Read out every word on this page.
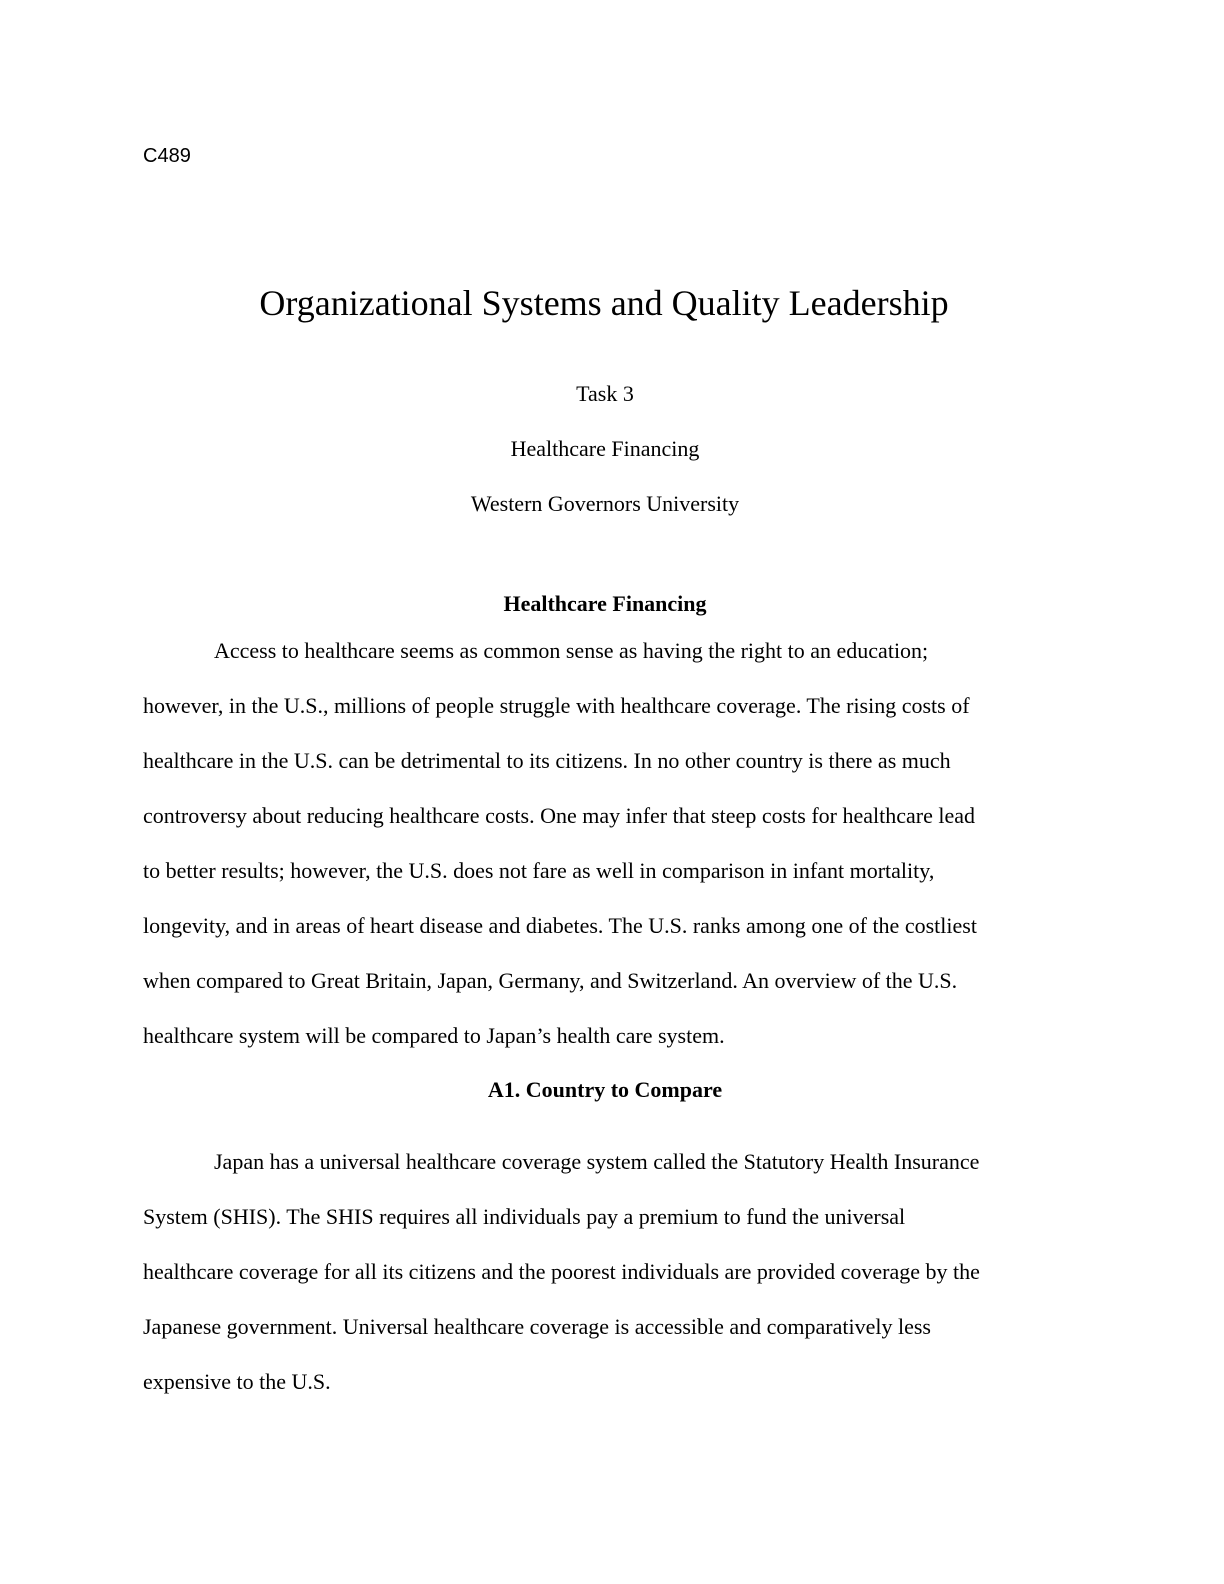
C489
Organizational Systems and Quality Leadership
Task 3
Healthcare Financing
Western Governors University
Healthcare Financing
Access to healthcare seems as common sense as having the right to an education;
however, in the U.S., millions of people struggle with healthcare coverage. The rising costs of
healthcare in the U.S. can be detrimental to its citizens. In no other country is there as much
controversy about reducing healthcare costs. One may infer that steep costs for healthcare lead
to better results; however, the U.S. does not fare as well in comparison in infant mortality,
longevity, and in areas of heart disease and diabetes. The U.S. ranks among one of the costliest
when compared to Great Britain, Japan, Germany, and Switzerland. An overview of the U.S.
healthcare system will be compared to Japan’s health care system.
A1. Country to Compare
Japan has a universal healthcare coverage system called the Statutory Health Insurance
System (SHIS). The SHIS requires all individuals pay a premium to fund the universal
healthcare coverage for all its citizens and the poorest individuals are provided coverage by the
Japanese government. Universal healthcare coverage is accessible and comparatively less
expensive to the U.S.
